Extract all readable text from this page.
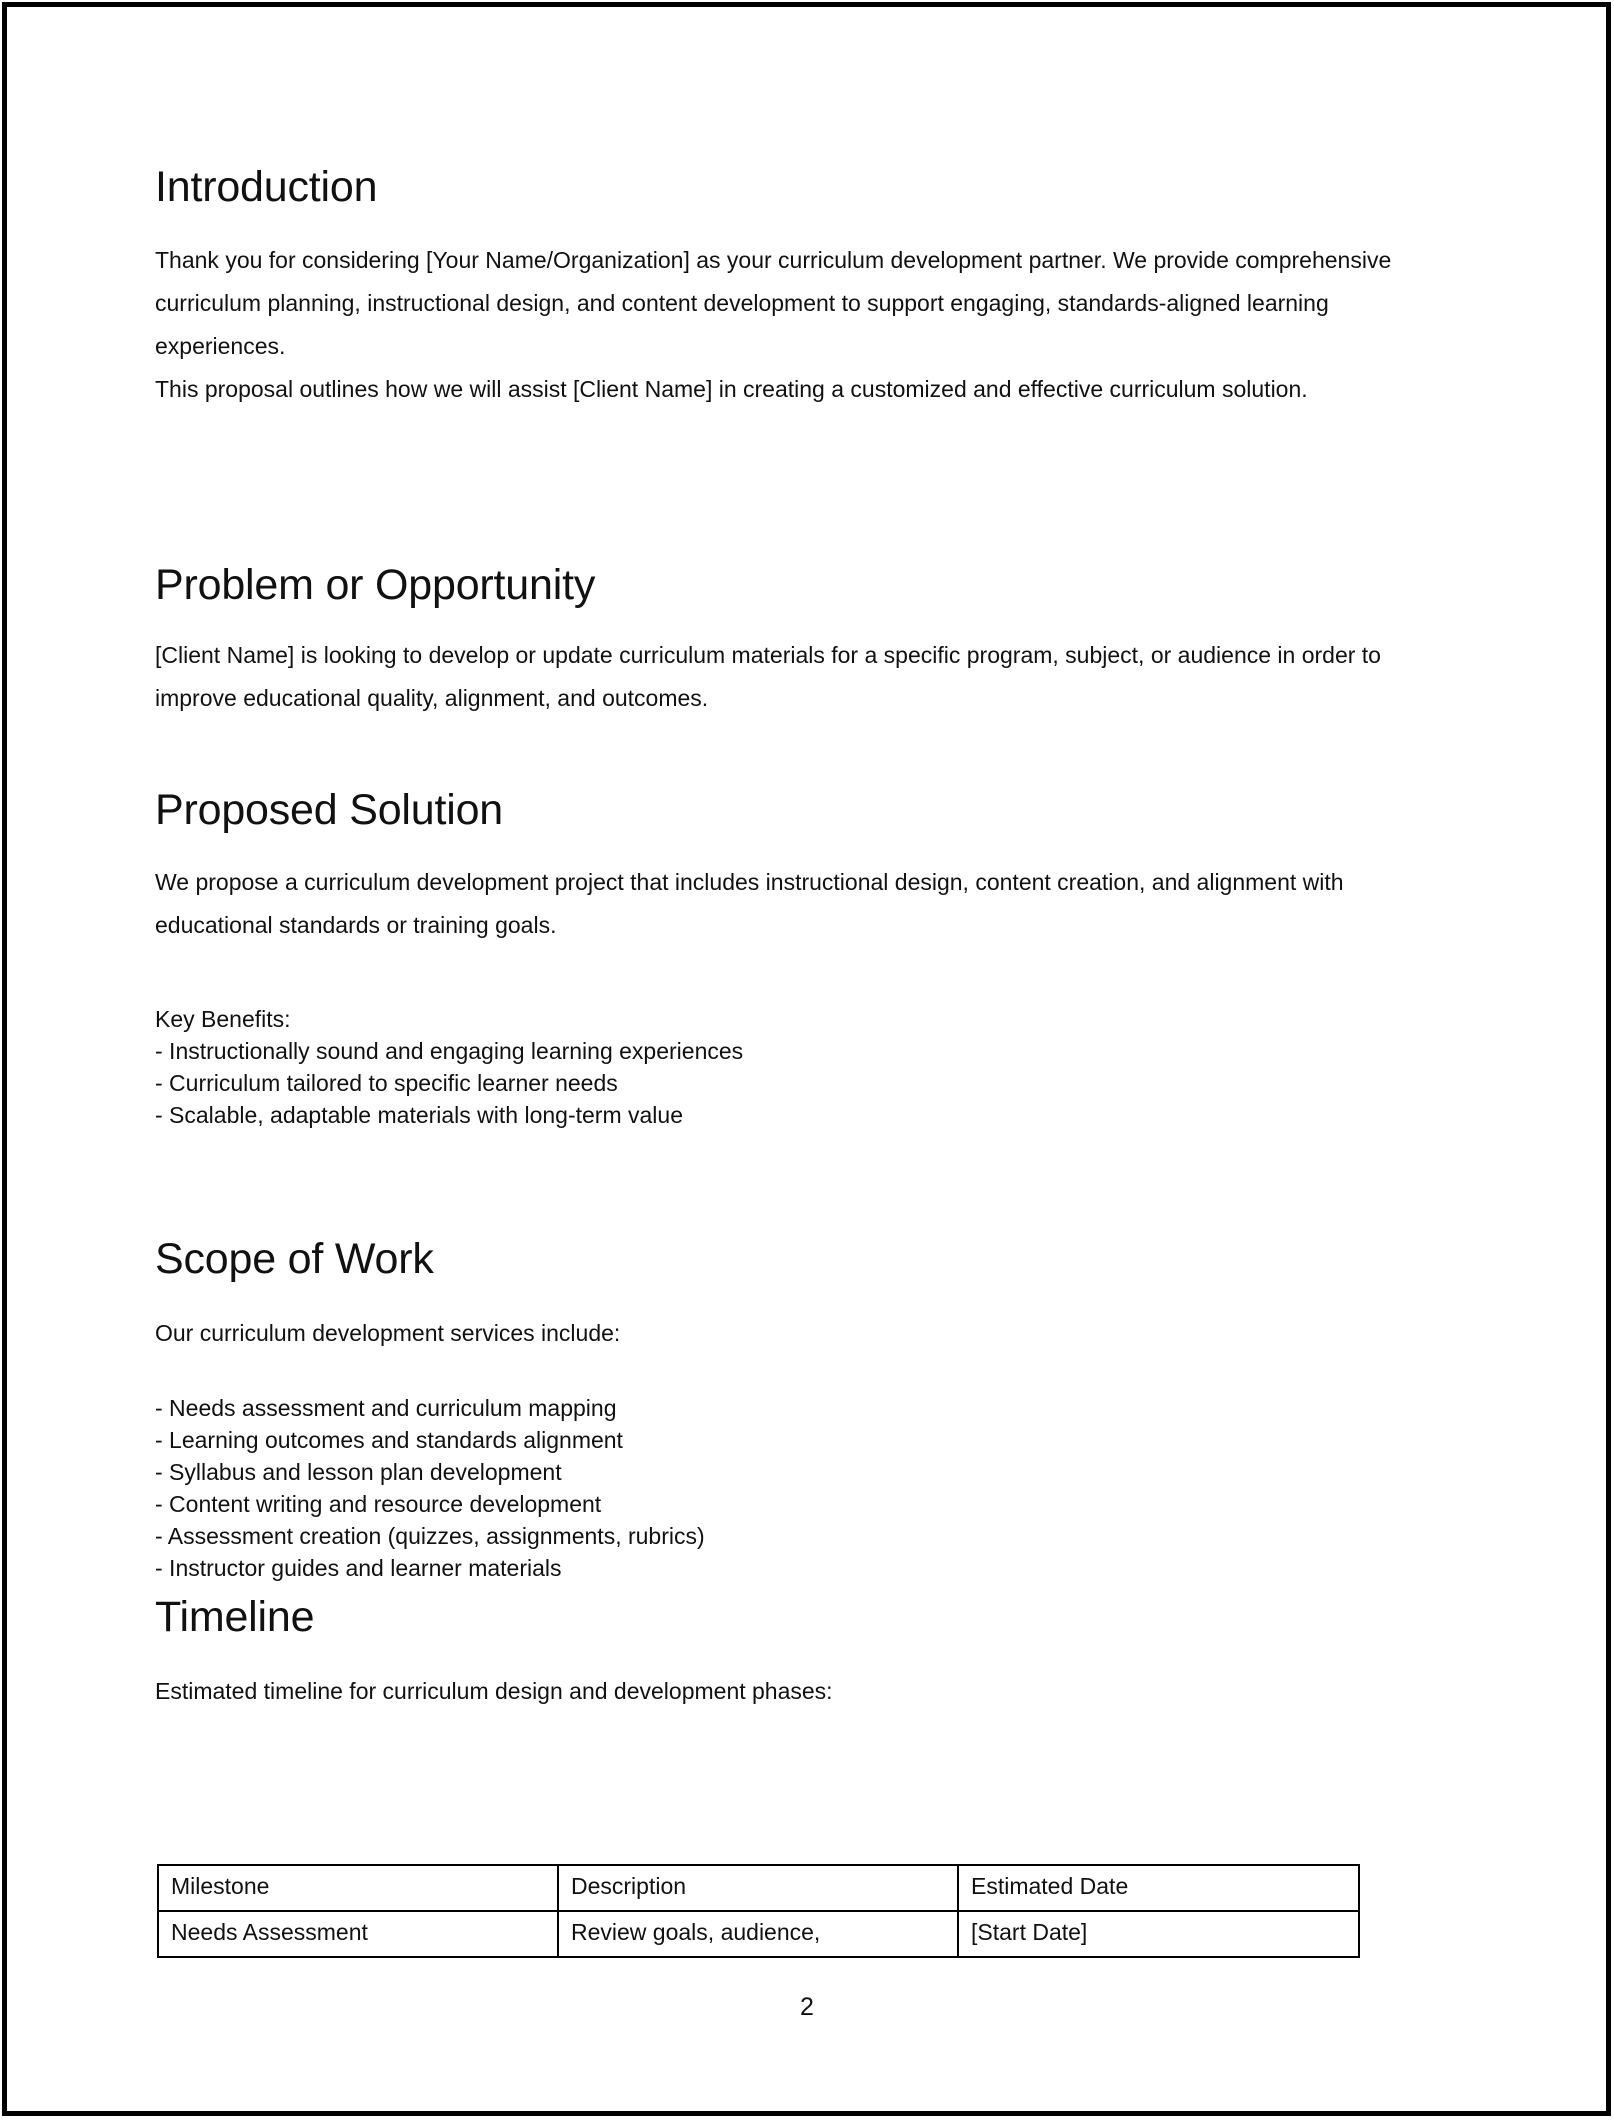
Introduction

Thank you for considering [Your Name/Organization] as your curriculum development partner. We provide comprehensive curriculum planning, instructional design, and content development to support engaging, standards-aligned learning experiences.

This proposal outlines how we will assist [Client Name] in creating a customized and effective curriculum solution.

Problem or Opportunity

[Client Name] is looking to develop or update curriculum materials for a specific program, subject, or audience in order to improve educational quality, alignment, and outcomes.

Proposed Solution

We propose a curriculum development project that includes instructional design, content creation, and alignment with educational standards or training goals.

Key Benefits:
- Instructionally sound and engaging learning experiences
- Curriculum tailored to specific learner needs
- Scalable, adaptable materials with long-term value
Scope of Work

Our curriculum development services include:

- Needs assessment and curriculum mapping
- Learning outcomes and standards alignment
- Syllabus and lesson plan development
- Content writing and resource development
- Assessment creation (quizzes, assignments, rubrics)
- Instructor guides and learner materials
Timeline

Estimated timeline for curriculum design and development phases:

Milestone	Description	Estimated Date
Needs Assessment	Review goals, audience,	[Start Date]
2
